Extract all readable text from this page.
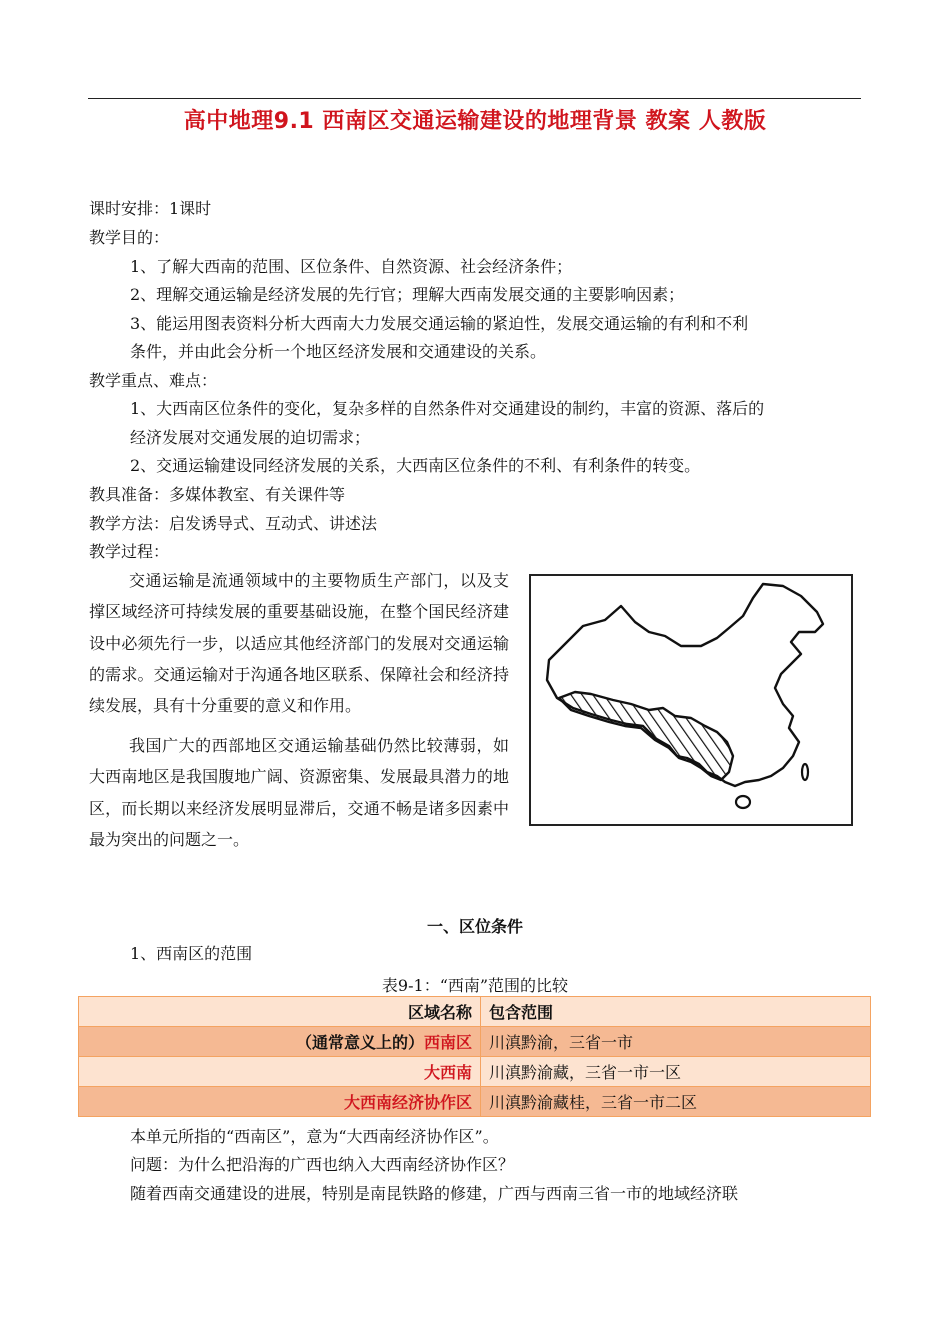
高中地理9.1 西南区交通运输建设的地理背景 教案 人教版
课时安排：1课时
教学目的：
1、了解大西南的范围、区位条件、自然资源、社会经济条件；
2、理解交通运输是经济发展的先行官；理解大西南发展交通的主要影响因素；
3、能运用图表资料分析大西南大力发展交通运输的紧迫性，发展交通运输的有利和不利
条件，并由此会分析一个地区经济发展和交通建设的关系。
教学重点、难点：
1、大西南区位条件的变化，复杂多样的自然条件对交通建设的制约，丰富的资源、落后的
经济发展对交通发展的迫切需求；
2、交通运输建设同经济发展的关系，大西南区位条件的不利、有利条件的转变。
教具准备：多媒体教室、有关课件等
教学方法：启发诱导式、互动式、讲述法
教学过程：
交通运输是流通领域中的主要物质生产部门，以及支撑区域经济可持续发展的重要基础设施，在整个国民经济建设中必须先行一步，以适应其他经济部门的发展对交通运输的需求。交通运输对于沟通各地区联系、保障社会和经济持续发展，具有十分重要的意义和作用。
我国广大的西部地区交通运输基础仍然比较薄弱，如大西南地区是我国腹地广阔、资源密集、发展最具潜力的地区，而长期以来经济发展明显滞后，交通不畅是诸多因素中最为突出的问题之一。
一、区位条件
1、西南区的范围
表9-1：“西南”范围的比较
区域名称	包含范围
（通常意义上的）西南区	川滇黔渝，三省一市
大西南	川滇黔渝藏，三省一市一区
大西南经济协作区	川滇黔渝藏桂，三省一市二区
本单元所指的“西南区”，意为“大西南经济协作区”。
问题：为什么把沿海的广西也纳入大西南经济协作区？
随着西南交通建设的进展，特别是南昆铁路的修建，广西与西南三省一市的地域经济联
